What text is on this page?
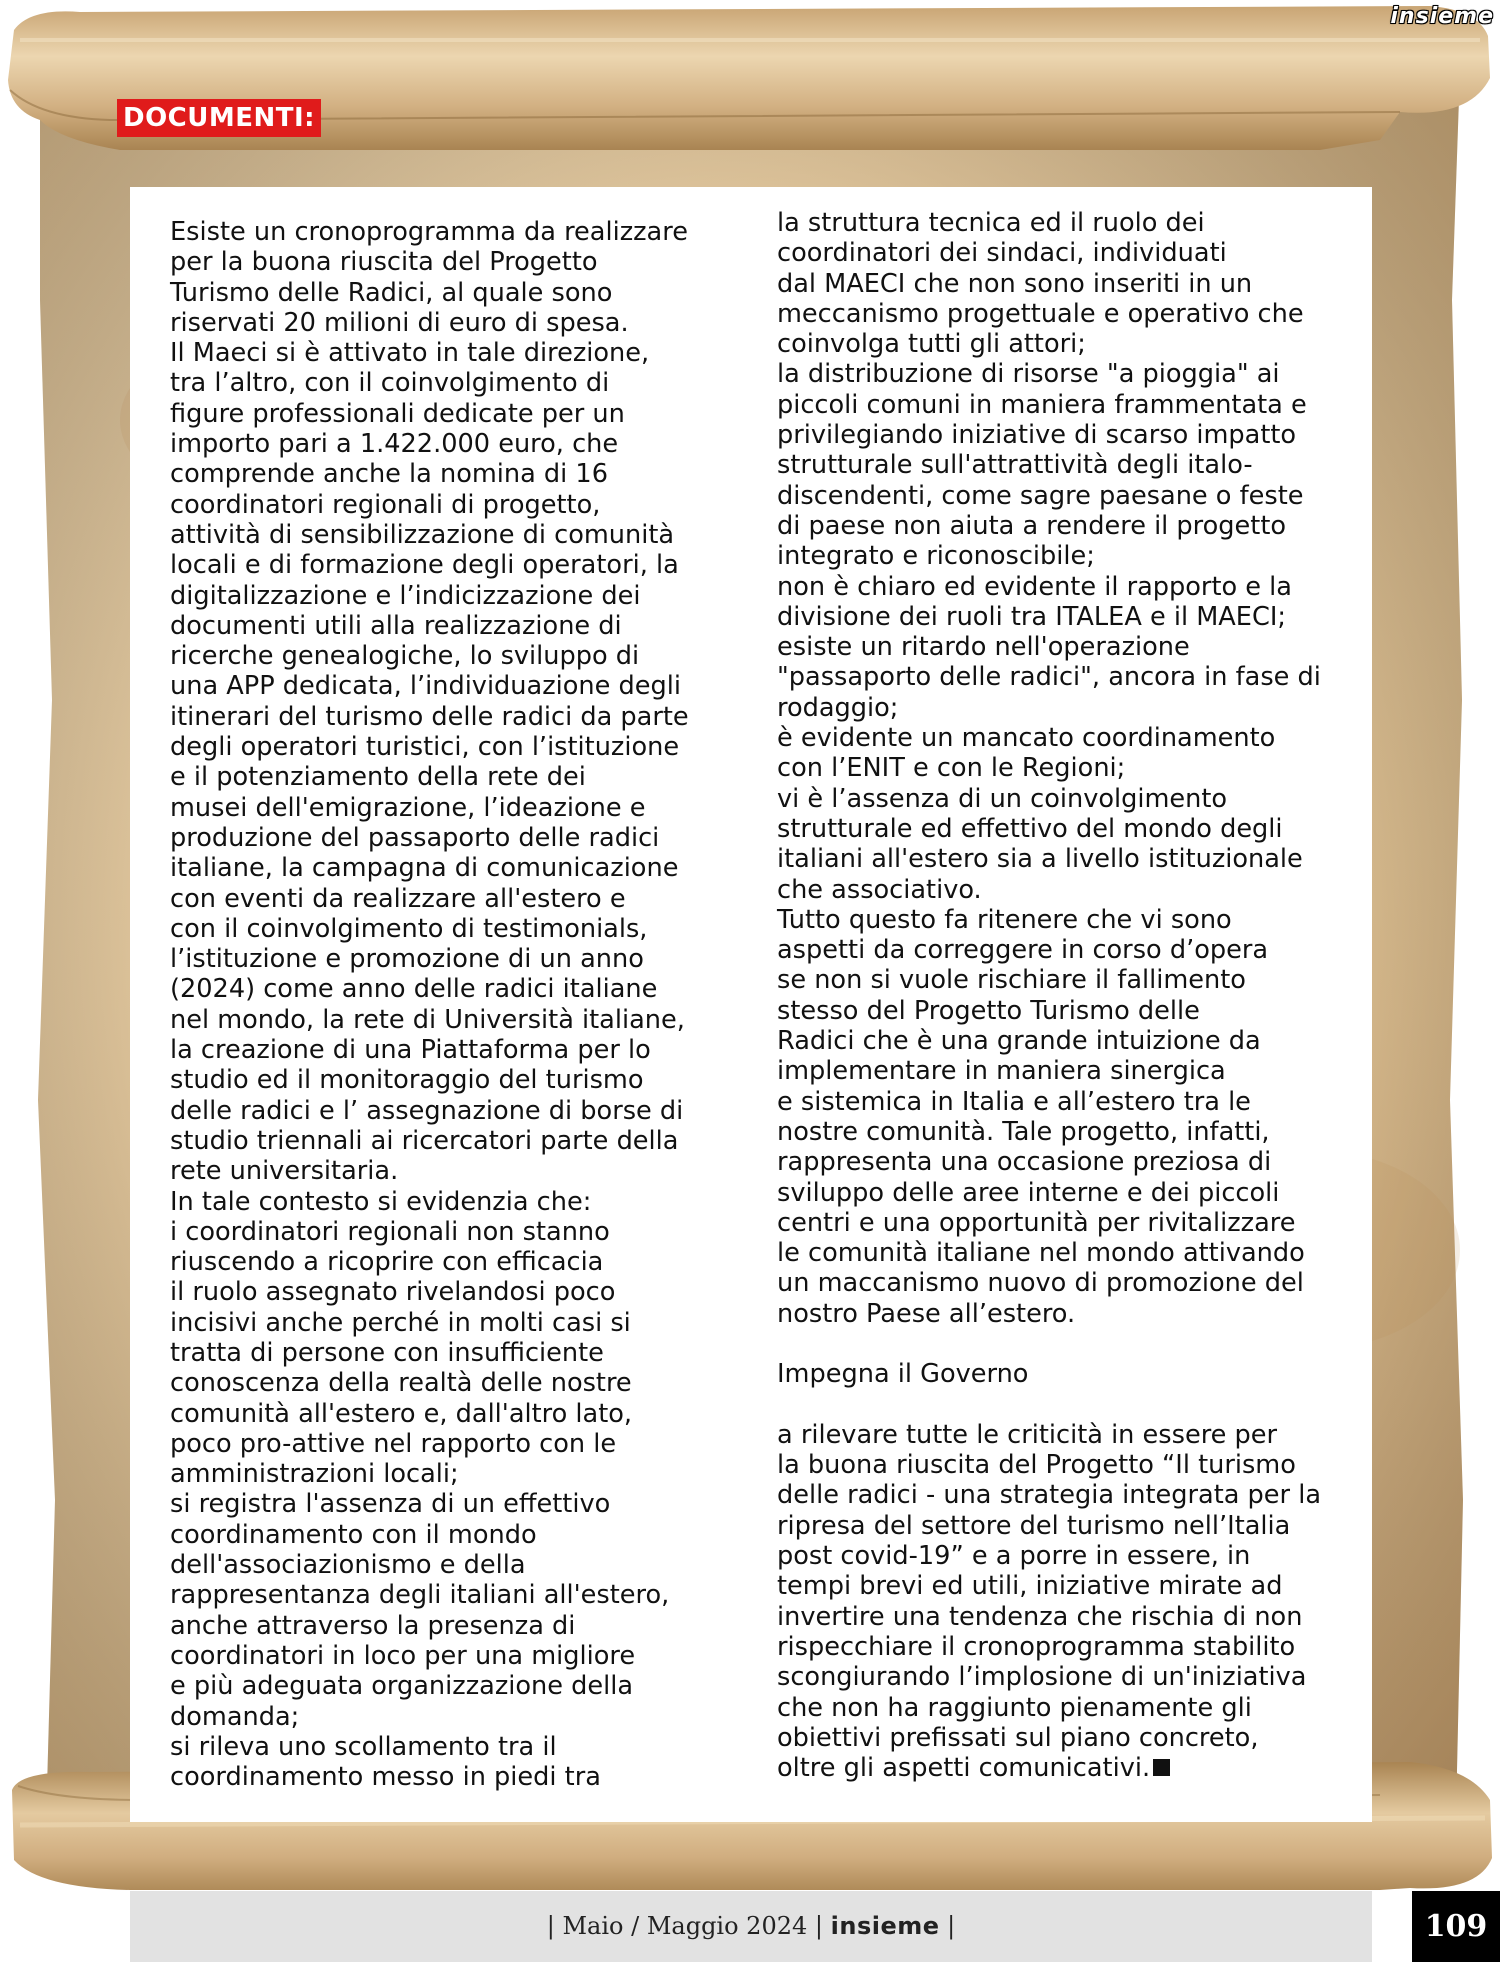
insieme
DOCUMENTI:
Esiste un cronoprogramma da realizzare
per la buona riuscita del Progetto
Turismo delle Radici, al quale sono
riservati 20 milioni di euro di spesa.
Il Maeci si è attivato in tale direzione,
tra l’altro, con il coinvolgimento di
figure professionali dedicate per un
importo pari a 1.422.000 euro, che
comprende anche la nomina di 16
coordinatori regionali di progetto,
attività di sensibilizzazione di comunità
locali e di formazione degli operatori, la
digitalizzazione e l’indicizzazione dei
documenti utili alla realizzazione di
ricerche genealogiche, lo sviluppo di
una APP dedicata, l’individuazione degli
itinerari del turismo delle radici da parte
degli operatori turistici, con l’istituzione
e il potenziamento della rete dei
musei dell'emigrazione, l’ideazione e
produzione del passaporto delle radici
italiane, la campagna di comunicazione
con eventi da realizzare all'estero e
con il coinvolgimento di testimonials,
l’istituzione e promozione di un anno
(2024) come anno delle radici italiane
nel mondo, la rete di Università italiane,
la creazione di una Piattaforma per lo
studio ed il monitoraggio del turismo
delle radici e l’ assegnazione di borse di
studio triennali ai ricercatori parte della
rete universitaria.
In tale contesto si evidenzia che:
i coordinatori regionali non stanno
riuscendo a ricoprire con efficacia
il ruolo assegnato rivelandosi poco
incisivi anche perché in molti casi si
tratta di persone con insufficiente
conoscenza della realtà delle nostre
comunità all'estero e, dall'altro lato,
poco pro-attive nel rapporto con le
amministrazioni locali;
si registra l'assenza di un effettivo
coordinamento con il mondo
dell'associazionismo e della
rappresentanza degli italiani all'estero,
anche attraverso la presenza di
coordinatori in loco per una migliore
e più adeguata organizzazione della
domanda;
si rileva uno scollamento tra il
coordinamento messo in piedi tra
la struttura tecnica ed il ruolo dei
coordinatori dei sindaci, individuati
dal MAECI che non sono inseriti in un
meccanismo progettuale e operativo che
coinvolga tutti gli attori;
la distribuzione di risorse "a pioggia" ai
piccoli comuni in maniera frammentata e
privilegiando iniziative di scarso impatto
strutturale sull'attrattività degli italo-
discendenti, come sagre paesane o feste
di paese non aiuta a rendere il progetto
integrato e riconoscibile;
non è chiaro ed evidente il rapporto e la
divisione dei ruoli tra ITALEA e il MAECI;
esiste un ritardo nell'operazione
"passaporto delle radici", ancora in fase di
rodaggio;
è evidente un mancato coordinamento
con l’ENIT e con le Regioni;
vi è l’assenza di un coinvolgimento
strutturale ed effettivo del mondo degli
italiani all'estero sia a livello istituzionale
che associativo.
Tutto questo fa ritenere che vi sono
aspetti da correggere in corso d’opera
se non si vuole rischiare il fallimento
stesso del Progetto Turismo delle
Radici che è una grande intuizione da
implementare in maniera sinergica
e sistemica in Italia e all’estero tra le
nostre comunità. Tale progetto, infatti,
rappresenta una occasione preziosa di
sviluppo delle aree interne e dei piccoli
centri e una opportunità per rivitalizzare
le comunità italiane nel mondo attivando
un maccanismo nuovo di promozione del
nostro Paese all’estero.

Impegna il Governo

a rilevare tutte le criticità in essere per
la buona riuscita del Progetto “Il turismo
delle radici - una strategia integrata per la
ripresa del settore del turismo nell’Italia
post covid-19” e a porre in essere, in
tempi brevi ed utili, iniziative mirate ad
invertire una tendenza che rischia di non
rispecchiare il cronoprogramma stabilito
scongiurando l’implosione di un'iniziativa
che non ha raggiunto pienamente gli
obiettivi prefissati sul piano concreto,
oltre gli aspetti comunicativi.
| Maio / Maggio 2024 | insieme |	109
